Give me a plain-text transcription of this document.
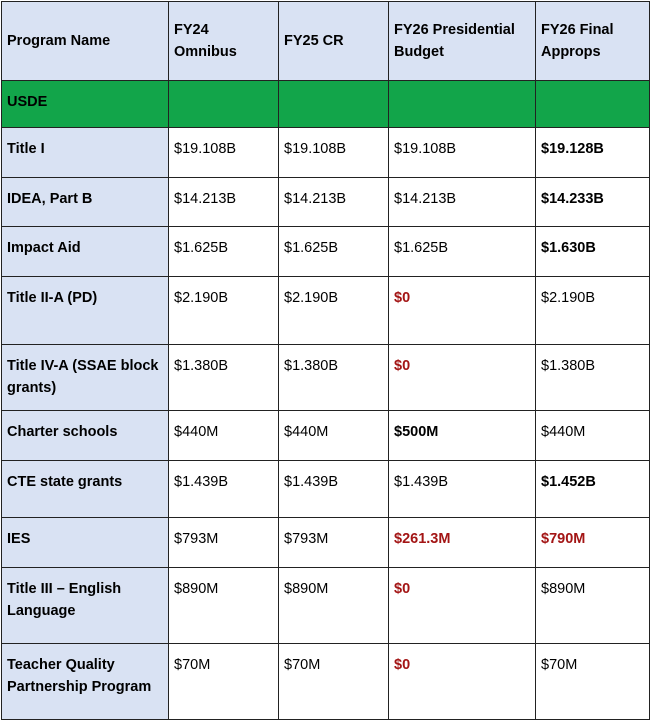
Program Name	FY24 Omnibus	FY25 CR	FY26 Presidential Budget	FY26 Final Approps
USDE				
Title I	$19.108B	$19.108B	$19.108B	$19.128B
IDEA, Part B	$14.213B	$14.213B	$14.213B	$14.233B
Impact Aid	$1.625B	$1.625B	$1.625B	$1.630B
Title II-A (PD)	$2.190B	$2.190B	$0	$2.190B
Title IV-A (SSAE block grants)	$1.380B	$1.380B	$0	$1.380B
Charter schools	$440M	$440M	$500M	$440M
CTE state grants	$1.439B	$1.439B	$1.439B	$1.452B
IES	$793M	$793M	$261.3M	$790M
Title III – English Language	$890M	$890M	$0	$890M
Teacher Quality Partnership Program	$70M	$70M	$0	$70M
